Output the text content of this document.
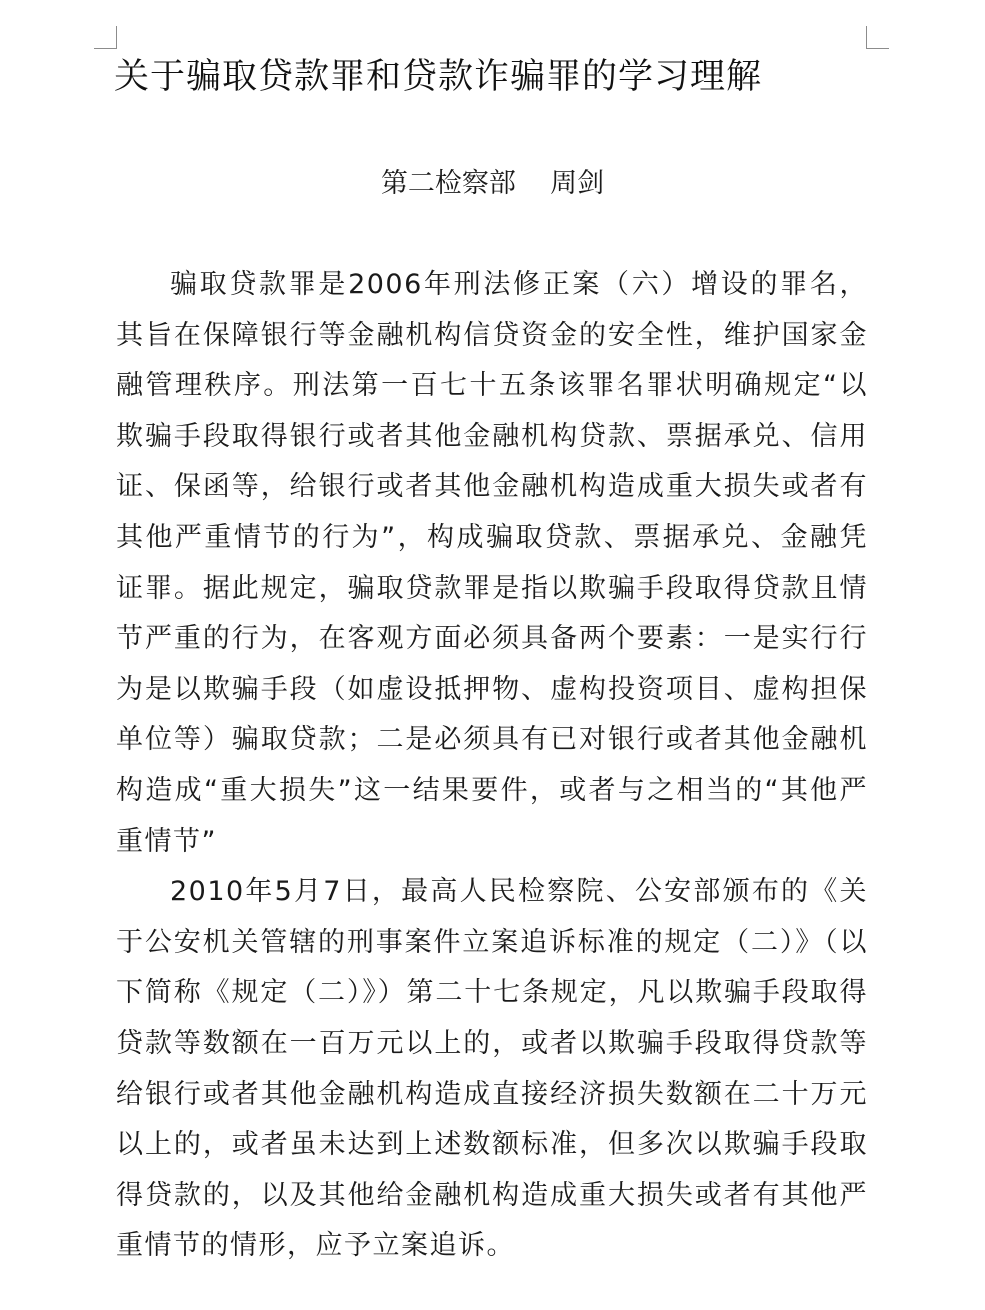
关于骗取贷款罪和贷款诈骗罪的学习理解
第二检察部    周剑

骗取贷款罪是2006年刑法修正案（六）增设的罪名，其旨在保障银行等金融机构信贷资金的安全性，维护国家金融管理秩序。刑法第一百七十五条该罪名罪状明确规定“以欺骗手段取得银行或者其他金融机构贷款、票据承兑、信用证、保函等，给银行或者其他金融机构造成重大损失或者有其他严重情节的行为”，构成骗取贷款、票据承兑、金融凭证罪。据此规定，骗取贷款罪是指以欺骗手段取得贷款且情节严重的行为，在客观方面必须具备两个要素：一是实行行为是以欺骗手段（如虚设抵押物、虚构投资项目、虚构担保单位等）骗取贷款；二是必须具有已对银行或者其他金融机构造成“重大损失”这一结果要件，或者与之相当的“其他严重情节”

2010年5月7日，最高人民检察院、公安部颁布的《关于公安机关管辖的刑事案件立案追诉标准的规定（二）》（以下简称《规定（二）》）第二十七条规定，凡以欺骗手段取得贷款等数额在一百万元以上的，或者以欺骗手段取得贷款等给银行或者其他金融机构造成直接经济损失数额在二十万元以上的，或者虽未达到上述数额标准，但多次以欺骗手段取得贷款的，以及其他给金融机构造成重大损失或者有其他严重情节的情形，应予立案追诉。
